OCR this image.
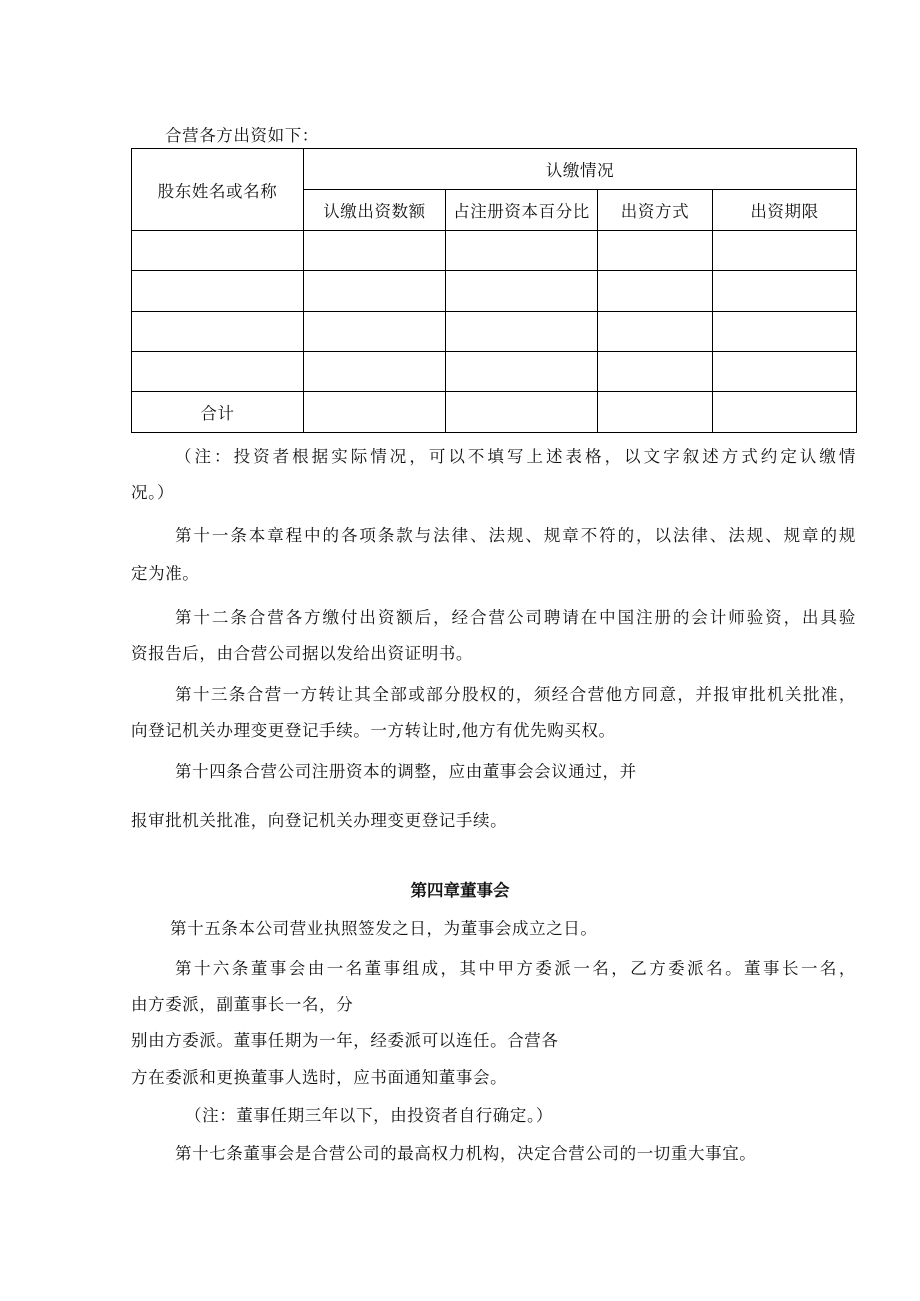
合营各方出资如下：
股东姓名或名称	认缴情况			
	认缴出资数额	占注册资本百分比	出资方式	出资期限

合计				
（注：投资者根据实际情况，可以不填写上述表格，以文字叙述方式约定认缴情
况。）
第十一条本章程中的各项条款与法律、法规、规章不符的，以法律、法规、规章的规
定为准。
第十二条合营各方缴付出资额后，经合营公司聘请在中国注册的会计师验资，出具验
资报告后，由合营公司据以发给出资证明书。
第十三条合营一方转让其全部或部分股权的，须经合营他方同意，并报审批机关批准，
向登记机关办理变更登记手续。一方转让时,他方有优先购买权。
第十四条合营公司注册资本的调整，应由董事会会议通过，并
报审批机关批准，向登记机关办理变更登记手续。
第四章董事会
第十五条本公司营业执照签发之日，为董事会成立之日。
第十六条董事会由一名董事组成，其中甲方委派一名，乙方委派名。董事长一名，
由方委派，副董事长一名，分
别由方委派。董事任期为一年，经委派可以连任。合营各
方在委派和更换董事人选时，应书面通知董事会。
（注：董事任期三年以下，由投资者自行确定。）
第十七条董事会是合营公司的最高权力机构，决定合营公司的一切重大事宜。
